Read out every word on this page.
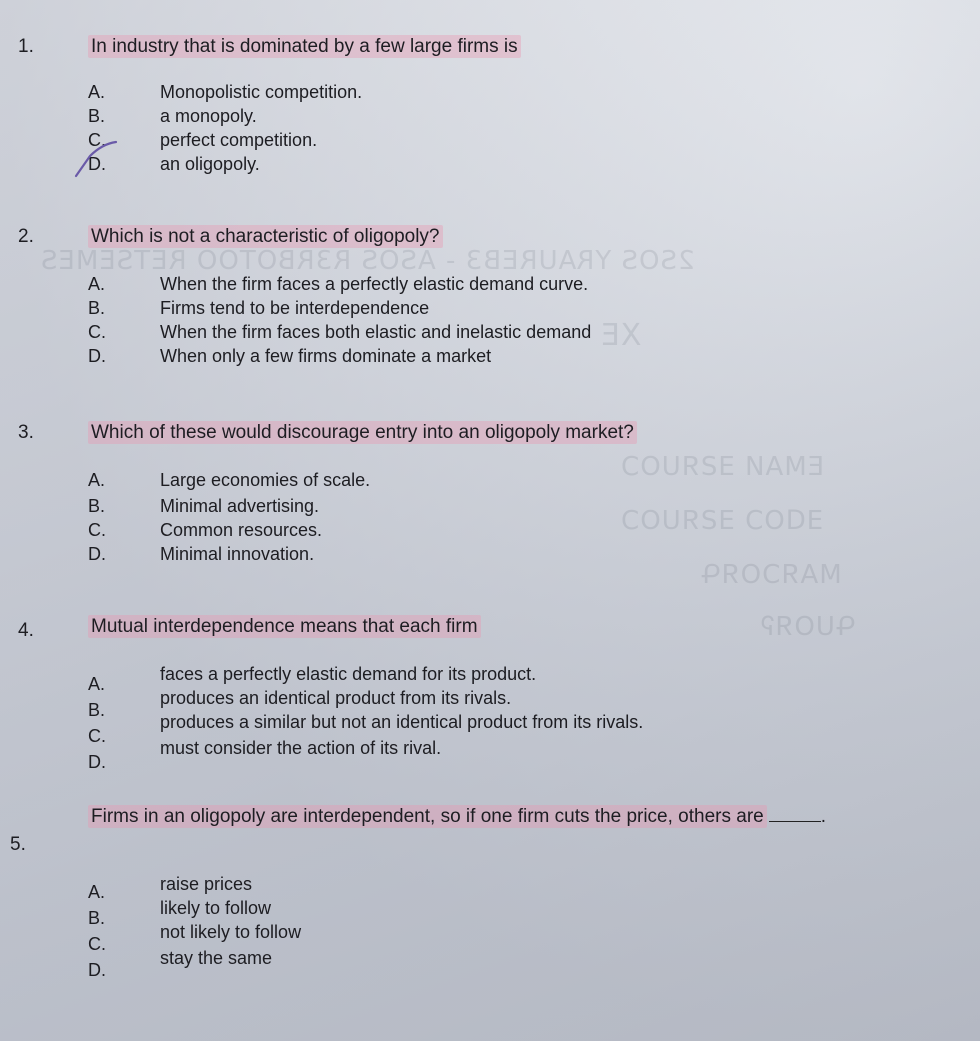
2SOS YRAUREB3 - ASOS R3RBOTOO RETSEMES
XE
EMAИ ƎƧЯUOϽ
ƎᗡOϽ ƎƧЯUOϽ
MAЯƆOЯԳ
ԳUOЯᎮ
1.	In industry that is dominated by a few large firms is
A.	Monopolistic competition.
B.	a monopoly.
C.	perfect competition.
D.	an oligopoly.
2.	Which is not a characteristic of oligopoly?
A.	When the firm faces a perfectly elastic demand curve.
B.	Firms tend to be interdependence
C.	When the firm faces both elastic and inelastic demand
D.	When only a few firms dominate a market
3.	Which of these would discourage entry into an oligopoly market?
A.	Large economies of scale.
B.	Minimal advertising.
C.	Common resources.
D.	Minimal innovation.
4.	Mutual interdependence means that each firm
A.	faces a perfectly elastic demand for its product.
B.
produces an identical product from its rivals.
C.
produces a similar but not an identical product from its rivals.
D.
must consider the action of its rival.
5.
Firms in an oligopoly are interdependent, so if one firm cuts the price, others are	.
A.	raise prices
B.	likely to follow
C.
not likely to follow
D.
stay the same
